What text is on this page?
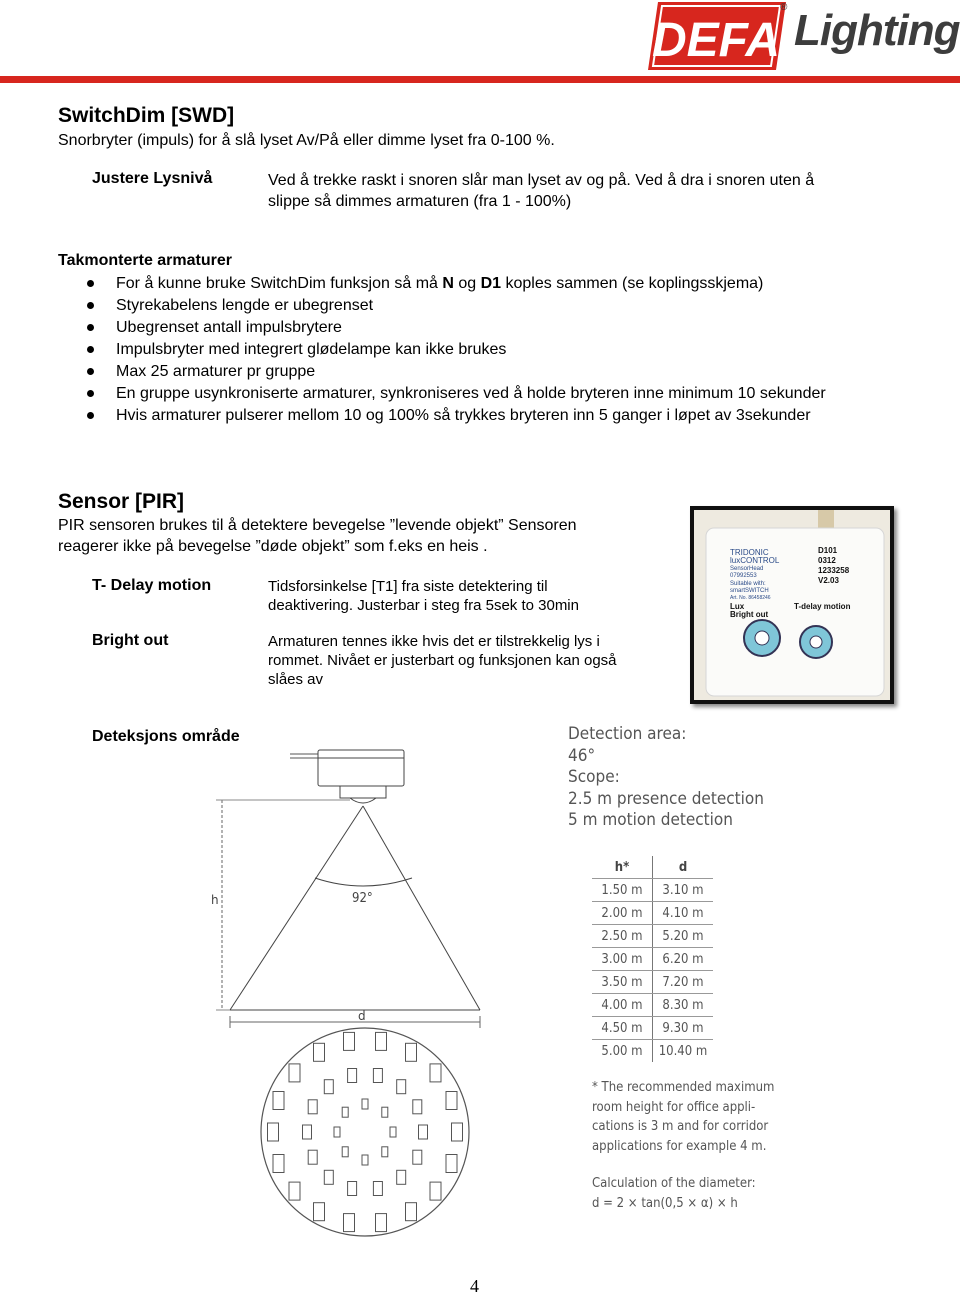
DEFA
® Lighting
SwitchDim [SWD]
Snorbryter (impuls) for å slå lyset Av/På eller dimme lyset fra 0-100 %.
Justere Lysnivå	Ved å trekke raskt i snoren slår man lyset av og på. Ved å dra i snoren uten å
slippe så dimmes armaturen (fra 1 - 100%)
Takmonterte armaturer
For å kunne bruke SwitchDim funksjon så må N og D1 koples sammen (se koplingsskjema)
Styrekabelens lengde er ubegrenset
Ubegrenset antall impulsbrytere
Impulsbryter med integrert glødelampe kan ikke brukes
Max 25 armaturer pr gruppe
En gruppe usynkroniserte armaturer, synkroniseres ved å holde bryteren inne minimum 10 sekunder
Hvis armaturer pulserer mellom 10 og 100% så trykkes bryteren inn 5 ganger i løpet av 3sekunder
Sensor [PIR]
PIR sensoren brukes til å detektere bevegelse ”levende objekt” Sensoren
reagerer ikke på bevegelse ”døde objekt” som f.eks en heis .
T- Delay motion	Tidsforsinkelse [T1] fra siste detektering til
deaktivering. Justerbar i steg fra 5sek to 30min
Bright out	Armaturen tennes ikke hvis det er tilstrekkelig lys i
rommet. Nivået er justerbart og funksjonen kan også
slåes av
TRIDONIC
luxCONTROL
SensorHead
07992553
Suitable with:
smartSWITCH
Art. No. 86458246
Lux
Bright out
D101
0312
1233258
V2.03
T-delay motion
Deteksjons område
92°
h
d
Detection area:
46°
Scope:
2.5 m presence detection
5 m motion detection
h*	d
1.50 m	3.10 m
2.00 m	4.10 m
2.50 m	5.20 m
3.00 m	6.20 m
3.50 m	7.20 m
4.00 m	8.30 m
4.50 m	9.30 m
5.00 m	10.40 m
* The recommended maximum
room height for office appli-
cations is 3 m and for corridor
applications for example 4 m.
Calculation of the diameter:
d = 2 × tan(0,5 × α) × h
4
